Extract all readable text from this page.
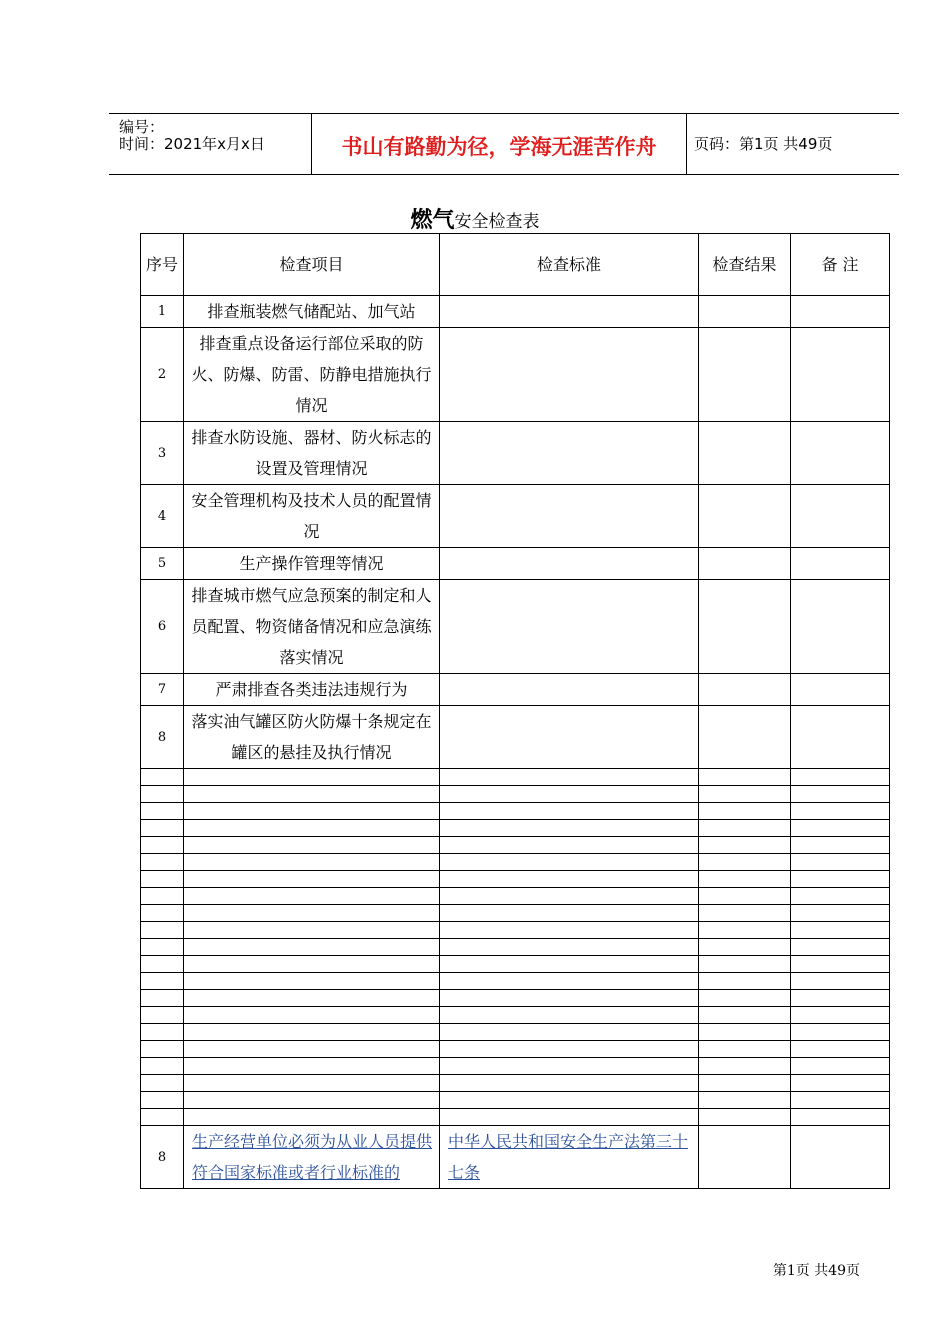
编号：
时间：2021年x月x日	书山有路勤为径，学海无涯苦作舟	页码：第1页 共49页
燃气安全检查表
序号	检查项目	检查标准	检查结果	备 注
1	排查瓶装燃气储配站、加气站			
2	排查重点设备运行部位采取的防火、防爆、防雷、防静电措施执行情况			
3	排查水防设施、器材、防火标志的设置及管理情况			
4	安全管理机构及技术人员的配置情况			
5	生产操作管理等情况			
6	排查城市燃气应急预案的制定和人员配置、物资储备情况和应急演练落实情况			
7	严肃排查各类违法违规行为			
8	落实油气罐区防火防爆十条规定在罐区的悬挂及执行情况			

8	生产经营单位必须为从业人员提供符合国家标准或者行业标准的	中华人民共和国安全生产法第三十七条		
第1页 共49页
